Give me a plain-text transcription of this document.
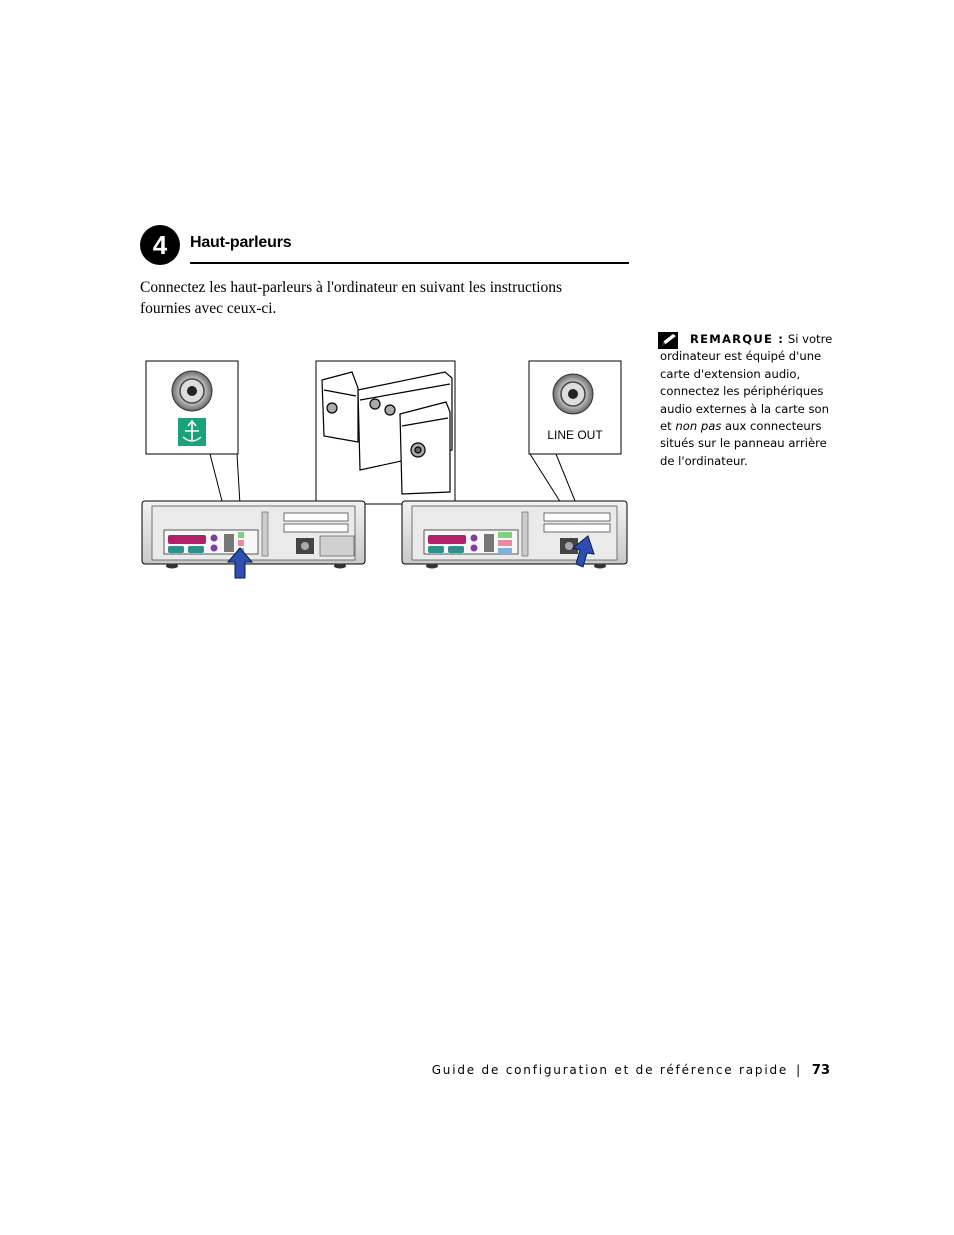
4	Haut-parleurs
Connectez les haut-parleurs à l'ordinateur en suivant les instructions fournies avec ceux-ci.
REMARQUE : Si votre ordinateur est équipé d'une carte d'extension audio, connectez les périphériques audio externes à la carte son et non pas aux connecteurs situés sur le panneau arrière de l'ordinateur.
LINE OUT
Guide de configuration et de référence rapide | 73
